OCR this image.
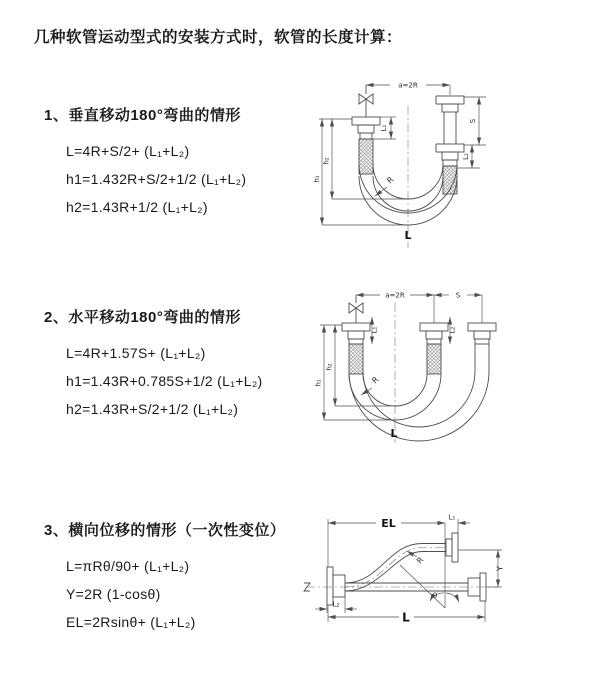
几种软管运动型式的安装方式时，软管的长度计算：
1、垂直移动180°弯曲的情形
L=4R+S/2+ (L₁+L₂)
h1=1.432R+S/2+1/2 (L₁+L₂)
h2=1.43R+1/2 (L₁+L₂)
2、水平移动180°弯曲的情形
L=4R+1.57S+ (L₁+L₂)
h1=1.43R+0.785S+1/2 (L₁+L₂)
h2=1.43R+S/2+1/2 (L₁+L₂)
3、横向位移的情形（一次性变位）
L=πRθ/90+ (L₁+L₂)
Y=2R (1-cosθ)
EL=2Rsinθ+ (L₁+L₂)
a=2R
L₁
h₂
h₁
S
L₂
R
L
a=2R	S
h₂
h₁
L₁	L₂
R
L
EL	L₁
Y
R
θ
L
L₂
